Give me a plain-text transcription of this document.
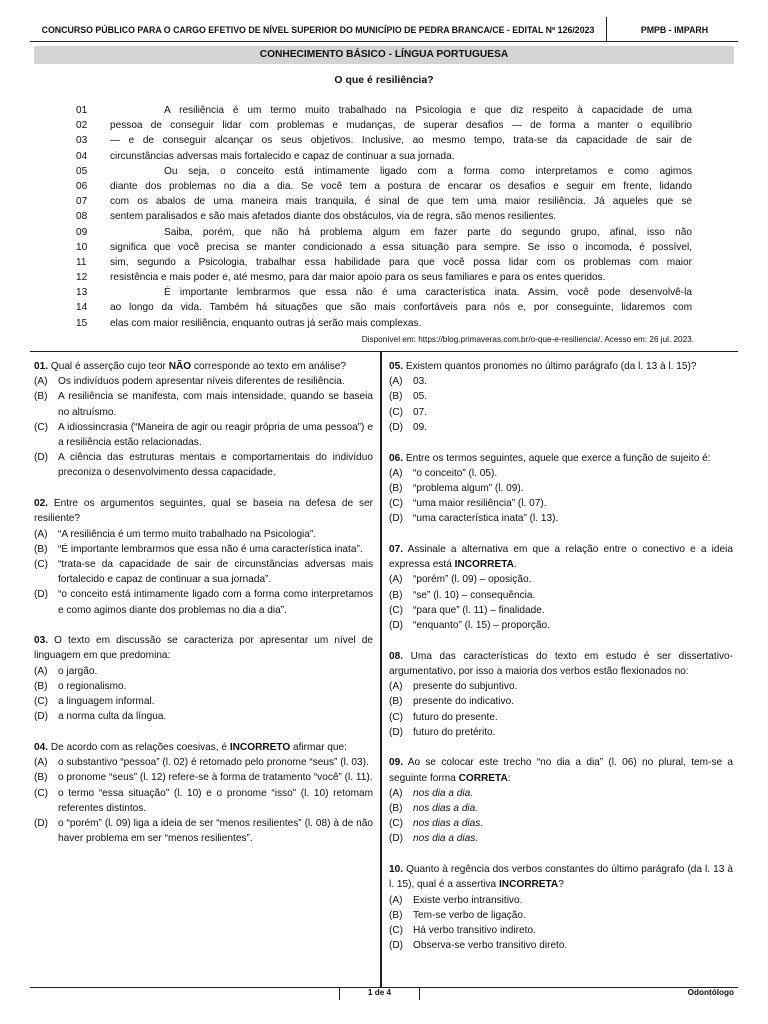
CONCURSO PÚBLICO PARA O CARGO EFETIVO DE NÍVEL SUPERIOR DO MUNICÍPIO DE PEDRA BRANCA/CE - EDITAL Nº 126/2023	PMPB - IMPARH
CONHECIMENTO BÁSICO - LÍNGUA PORTUGUESA
O que é resiliência?
01	A resiliência é um termo muito trabalhado na Psicologia e que diz respeito à capacidade de uma
02	pessoa de conseguir lidar com problemas e mudanças, de superar desafios — de forma a manter o equilíbrio
03	— e de conseguir alcançar os seus objetivos. Inclusive, ao mesmo tempo, trata-se da capacidade de sair de
04	circunstâncias adversas mais fortalecido e capaz de continuar a sua jornada.
05	Ou seja, o conceito está intimamente ligado com a forma como interpretamos e como agimos
06	diante dos problemas no dia a dia. Se você tem a postura de encarar os desafios e seguir em frente, lidando
07	com os abalos de uma maneira mais tranquila, é sinal de que tem uma maior resiliência. Já aqueles que se
08	sentem paralisados e são mais afetados diante dos obstáculos, via de regra, são menos resilientes.
09	Saiba, porém, que não há problema algum em fazer parte do segundo grupo, afinal, isso não
10	significa que você precisa se manter condicionado a essa situação para sempre. Se isso o incomoda, é possível,
11	sim, segundo a Psicologia, trabalhar essa habilidade para que você possa lidar com os problemas com maior
12	resistência e mais poder e, até mesmo, para dar maior apoio para os seus familiares e para os entes queridos.
13	É importante lembrarmos que essa não é uma característica inata. Assim, você pode desenvolvê-la
14	ao longo da vida. Também há situações que são mais confortáveis para nós e, por conseguinte, lidaremos com
15	elas com maior resiliência, enquanto outras já serão mais complexas.
Disponível em: https://blog.primaveras.com.br/o-que-e-resiliencia/. Acesso em: 26 jul. 2023.
01. Qual é asserção cujo teor NÃO corresponde ao texto em análise?
(A)	Os indivíduos podem apresentar níveis diferentes de resiliência.
(B)	A resiliência se manifesta, com mais intensidade, quando se baseia no altruísmo.
(C) A idiossincrasia (“Maneira de agir ou reagir própria de uma pessoa”) e a resiliência estão relacionadas.
(D) A ciência das estruturas mentais e comportamentais do indivíduo preconiza o desenvolvimento dessa capacidade.
02. Entre os argumentos seguintes, qual se baseia na defesa de ser resiliente?
(A)	“A resiliência é um termo muito trabalhado na Psicologia”.
(B)	“É importante lembrarmos que essa não é uma característica inata”.
(C) “trata-se da capacidade de sair de circunstâncias adversas mais fortalecido e capaz de continuar a sua jornada”.
(D) “o conceito está intimamente ligado com a forma como interpretamos e como agimos diante dos problemas no dia a dia”.
03. O texto em discussão se caracteriza por apresentar um nível de linguagem em que predomina:
(A)	o jargão.
(B)	o regionalismo.
(C) a linguagem informal.
(D) a norma culta da língua.
04. De acordo com as relações coesivas, é INCORRETO afirmar que:
(A)	o substantivo “pessoa” (l. 02) é retomado pelo pronome “seus” (l. 03).
(B)	o pronome “seus” (l. 12) refere-se à forma de tratamento “você” (l. 11).
(C) o termo “essa situação” (l. 10) e o pronome “isso” (l. 10) retomam referentes distintos.
(D) o “porém” (l. 09) liga a ideia de ser “menos resilientes” (l. 08) à de não haver problema em ser “menos resilientes”.
05. Existem quantos pronomes no último parágrafo (da l. 13 à l. 15)?
(A)	03.
(B)	05.
(C) 07.
(D) 09.
06. Entre os termos seguintes, aquele que exerce a função de sujeito é:
(A)	“o conceito” (l. 05).
(B)	“problema algum” (l. 09).
(C) “uma maior resiliência” (l. 07).
(D) “uma característica inata” (l. 13).
07. Assinale a alternativa em que a relação entre o conectivo e a ideia expressa está INCORRETA.
(A)	“porém” (l. 09) – oposição.
(B)	“se” (l. 10) – consequência.
(C) “para que” (l. 11) – finalidade.
(D) “enquanto” (l. 15) – proporção.
08. Uma das características do texto em estudo é ser dissertativo-argumentativo, por isso a maioria dos verbos estão flexionados no:
(A)	presente do subjuntivo.
(B)	presente do indicativo.
(C) futuro do presente.
(D) futuro do pretérito.
09. Ao se colocar este trecho “no dia a dia” (l. 06) no plural, tem-se a seguinte forma CORRETA:
(A)	nos dia a dia.
(B)	nos dias a dia.
(C) nos dias a dias.
(D) nos dia a dias.
10. Quanto à regência dos verbos constantes do último parágrafo (da l. 13 à l. 15), qual é a assertiva INCORRETA?
(A)	Existe verbo intransitivo.
(B)	Tem-se verbo de ligação.
(C) Há verbo transitivo indireto.
(D) Observa-se verbo transitivo direto.
1 de 4	Odontólogo
